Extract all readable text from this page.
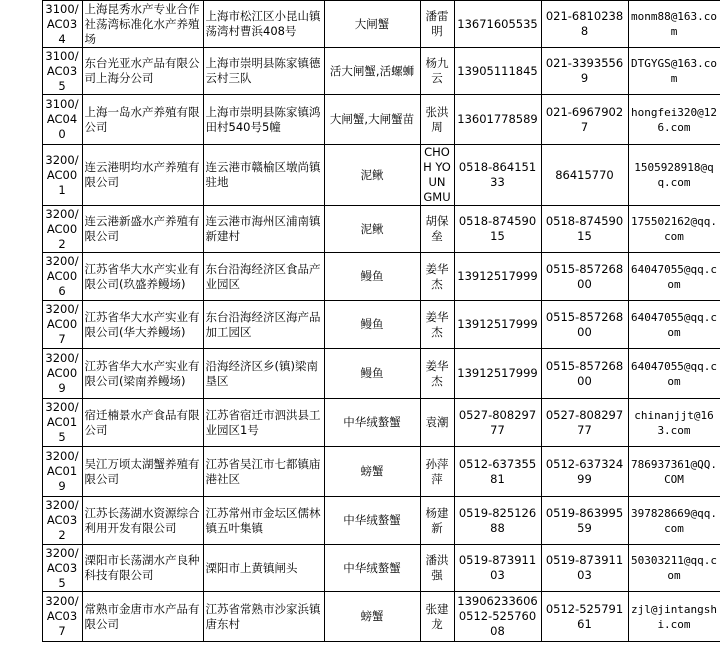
	3100/ AC034	上海昆秀水产专业合作社荡湾标准化水产养殖场	上海市松江区小昆山镇荡湾村曹浜408号	大闸蟹	潘雷明	13671605535	021-68102388	monm88@163.com
	3100/ AC035	东台光亚水产品有限公司上海分公司	上海市崇明县陈家镇德云村三队	活大闸蟹,活螺蛳	杨九云	13905111845	021-33935569	DTGYGS@163.com
	3100/ AC040	上海一岛水产养殖有限公司	上海市崇明县陈家镇鸿田村540号5幢	大闸蟹,大闸蟹苗	张洪周	13601778589	021-69679027	hongfei320@126.com
	3200/ AC001	连云港明均水产养殖有限公司	连云港市赣榆区墩尚镇驻地	泥鳅	CHOH YOUN GMU	0518-86415133	86415770	1505928918@qq.com
	3200/ AC002	连云港新盛水产养殖有限公司	连云港市海州区浦南镇新建村	泥鳅	胡保垒	0518-87459015	0518-87459015	175502162@qq.com
	3200/ AC006	江苏省华大水产实业有限公司(玖盛养鳗场)	东台沿海经济区食品产业园区	鳗鱼	姜华杰	13912517999	0515-85726800	64047055@qq.com
	3200/ AC007	江苏省华大水产实业有限公司(华大养鳗场)	东台沿海经济区海产品加工园区	鳗鱼	姜华杰	13912517999	0515-85726800	64047055@qq.com
	3200/ AC009	江苏省华大水产实业有限公司(梁南养鳗场)	沿海经济区乡(镇)梁南垦区	鳗鱼	姜华杰	13912517999	0515-85726800	64047055@qq.com
	3200/ AC015	宿迁楠景水产食品有限公司	江苏省宿迁市泗洪县工业园区1号	中华绒螯蟹	袁潮	0527-80829777	0527-80829777	chinanjjt@163.com
	3200/ AC019	吴江万顷太湖蟹养殖有限公司	江苏省吴江市七都镇庙港社区	螃蟹	孙萍萍	0512-63735581	0512-63732499	786937361@QQ.COM
	3200/ AC032	江苏长荡湖水资源综合利用开发有限公司	江苏常州市金坛区儒林镇五叶集镇	中华绒螯蟹	杨建新	0519-82512688	0519-86399559	397828669@qq.com
	3200/ AC035	溧阳市长荡湖水产良种科技有限公司	溧阳市上黄镇闸头	中华绒螯蟹	潘洪强	0519-87391103	0519-87391103	50303211@qq.com
	3200/ AC037	常熟市金唐市水产品有限公司	江苏省常熟市沙家浜镇唐东村	螃蟹	张建龙	13906233606 0512-52576008	0512-52579161	zjl@jintangshi.com
